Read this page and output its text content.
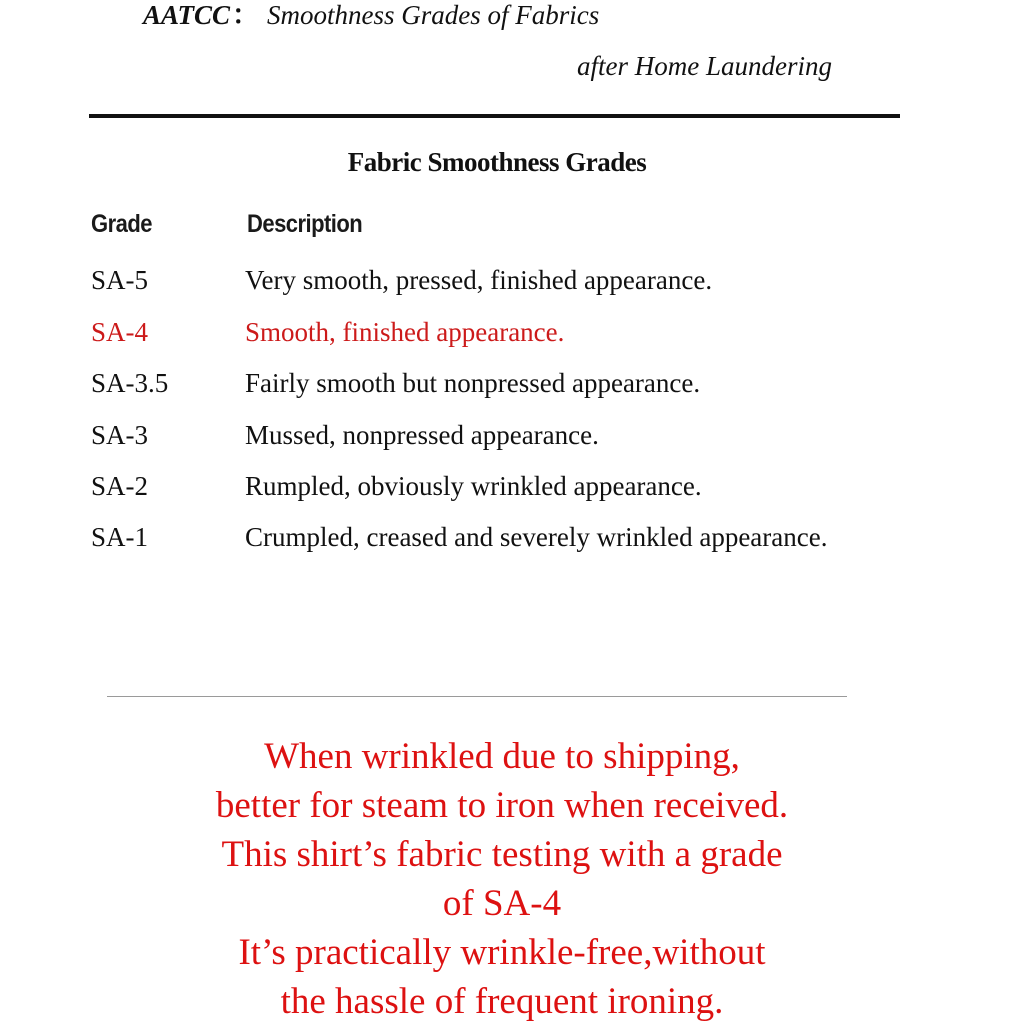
AATCC： Smoothness Grades of Fabrics
after Home Laundering
Fabric Smoothness Grades
Grade	Description
SA-5	Very smooth, pressed, finished appearance.
SA-4	Smooth, finished appearance.
SA-3.5	Fairly smooth but nonpressed appearance.
SA-3	Mussed, nonpressed appearance.
SA-2	Rumpled, obviously wrinkled appearance.
SA-1	Crumpled, creased and severely wrinkled appearance.
When wrinkled due to shipping,
better for steam to iron when received.
This shirt’s fabric testing with a grade
of SA-4
It’s practically wrinkle-free,without
the hassle of frequent ironing.
